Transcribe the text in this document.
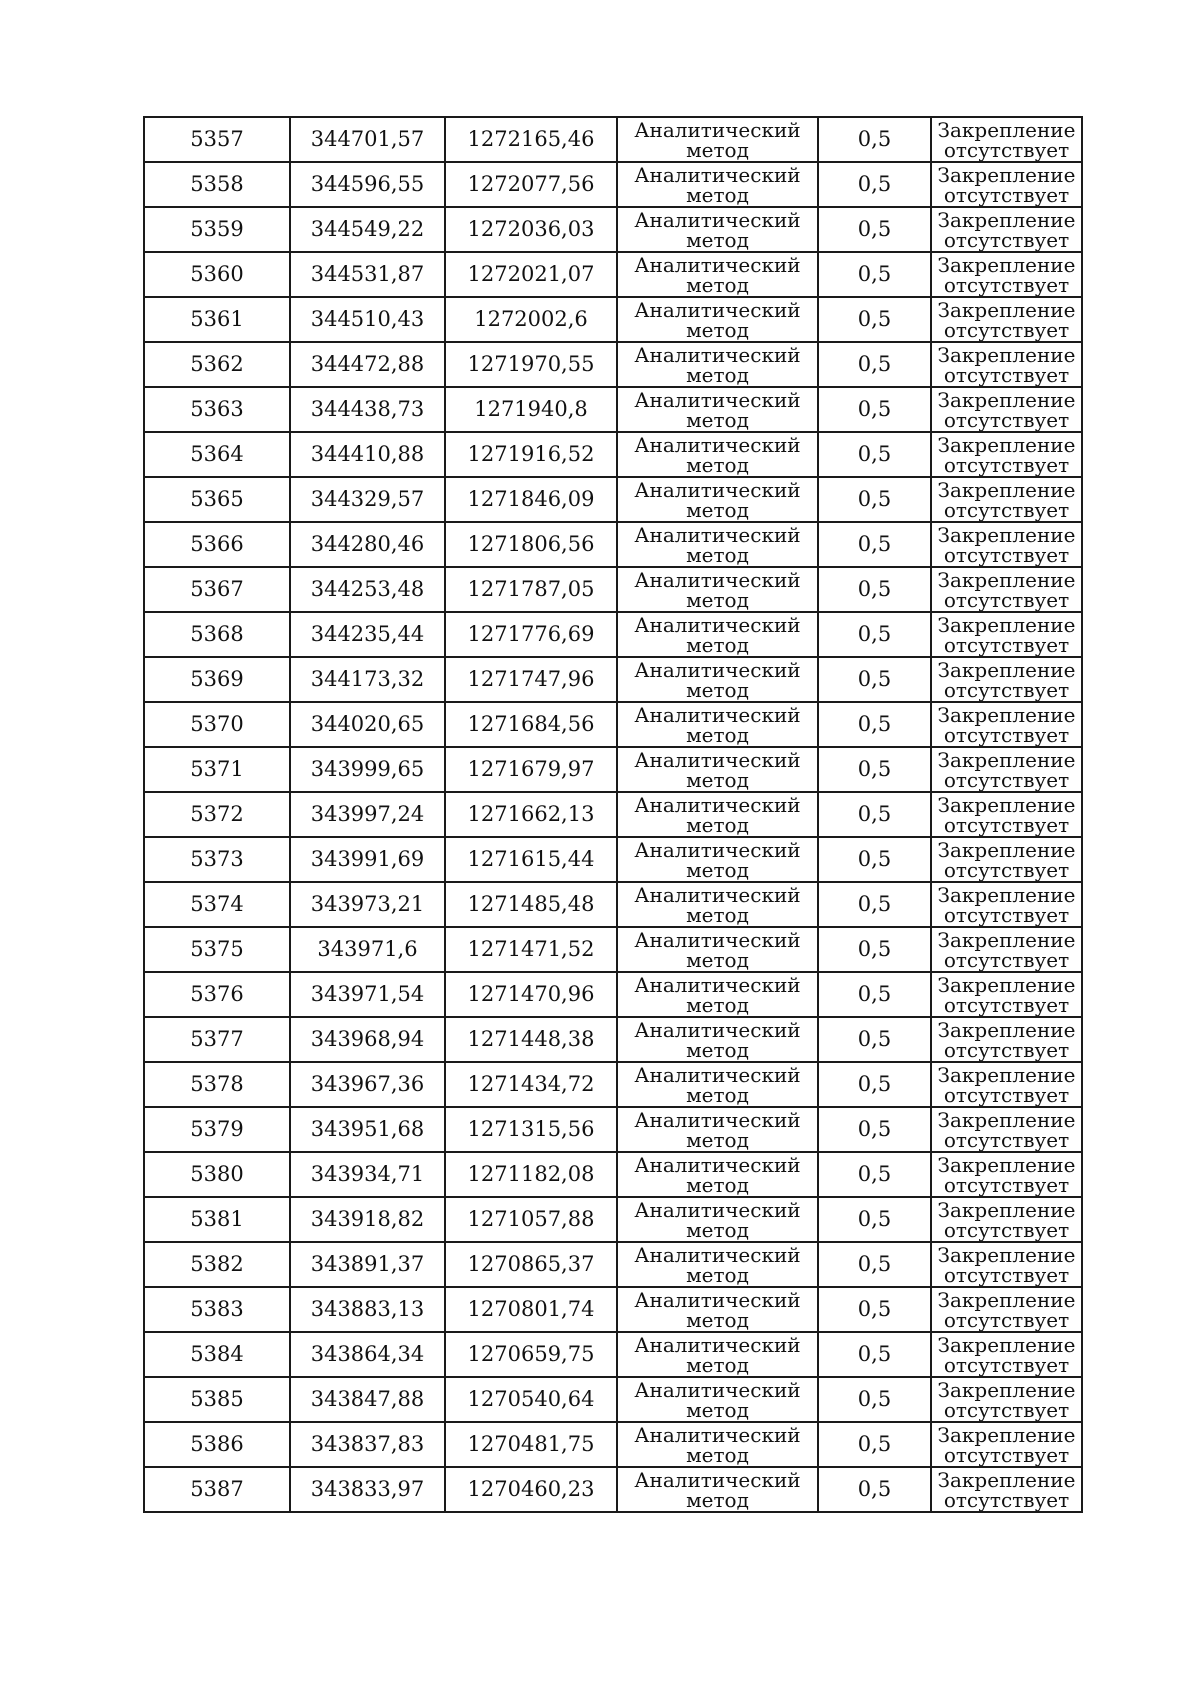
5357	344701,57	1272165,46	Аналитический
метод	0,5	Закрепление
отсутствует

5358	344596,55	1272077,56	Аналитический
метод	0,5	Закрепление
отсутствует

5359	344549,22	1272036,03	Аналитический
метод	0,5	Закрепление
отсутствует

5360	344531,87	1272021,07	Аналитический
метод	0,5	Закрепление
отсутствует

5361	344510,43	1272002,6	Аналитический
метод	0,5	Закрепление
отсутствует

5362	344472,88	1271970,55	Аналитический
метод	0,5	Закрепление
отсутствует

5363	344438,73	1271940,8	Аналитический
метод	0,5	Закрепление
отсутствует

5364	344410,88	1271916,52	Аналитический
метод	0,5	Закрепление
отсутствует

5365	344329,57	1271846,09	Аналитический
метод	0,5	Закрепление
отсутствует

5366	344280,46	1271806,56	Аналитический
метод	0,5	Закрепление
отсутствует

5367	344253,48	1271787,05	Аналитический
метод	0,5	Закрепление
отсутствует

5368	344235,44	1271776,69	Аналитический
метод	0,5	Закрепление
отсутствует

5369	344173,32	1271747,96	Аналитический
метод	0,5	Закрепление
отсутствует

5370	344020,65	1271684,56	Аналитический
метод	0,5	Закрепление
отсутствует

5371	343999,65	1271679,97	Аналитический
метод	0,5	Закрепление
отсутствует

5372	343997,24	1271662,13	Аналитический
метод	0,5	Закрепление
отсутствует

5373	343991,69	1271615,44	Аналитический
метод	0,5	Закрепление
отсутствует

5374	343973,21	1271485,48	Аналитический
метод	0,5	Закрепление
отсутствует

5375	343971,6	1271471,52	Аналитический
метод	0,5	Закрепление
отсутствует

5376	343971,54	1271470,96	Аналитический
метод	0,5	Закрепление
отсутствует

5377	343968,94	1271448,38	Аналитический
метод	0,5	Закрепление
отсутствует

5378	343967,36	1271434,72	Аналитический
метод	0,5	Закрепление
отсутствует

5379	343951,68	1271315,56	Аналитический
метод	0,5	Закрепление
отсутствует

5380	343934,71	1271182,08	Аналитический
метод	0,5	Закрепление
отсутствует

5381	343918,82	1271057,88	Аналитический
метод	0,5	Закрепление
отсутствует

5382	343891,37	1270865,37	Аналитический
метод	0,5	Закрепление
отсутствует

5383	343883,13	1270801,74	Аналитический
метод	0,5	Закрепление
отсутствует

5384	343864,34	1270659,75	Аналитический
метод	0,5	Закрепление
отсутствует

5385	343847,88	1270540,64	Аналитический
метод	0,5	Закрепление
отсутствует

5386	343837,83	1270481,75	Аналитический
метод	0,5	Закрепление
отсутствует

5387	343833,97	1270460,23	Аналитический
метод	0,5	Закрепление
отсутствует
